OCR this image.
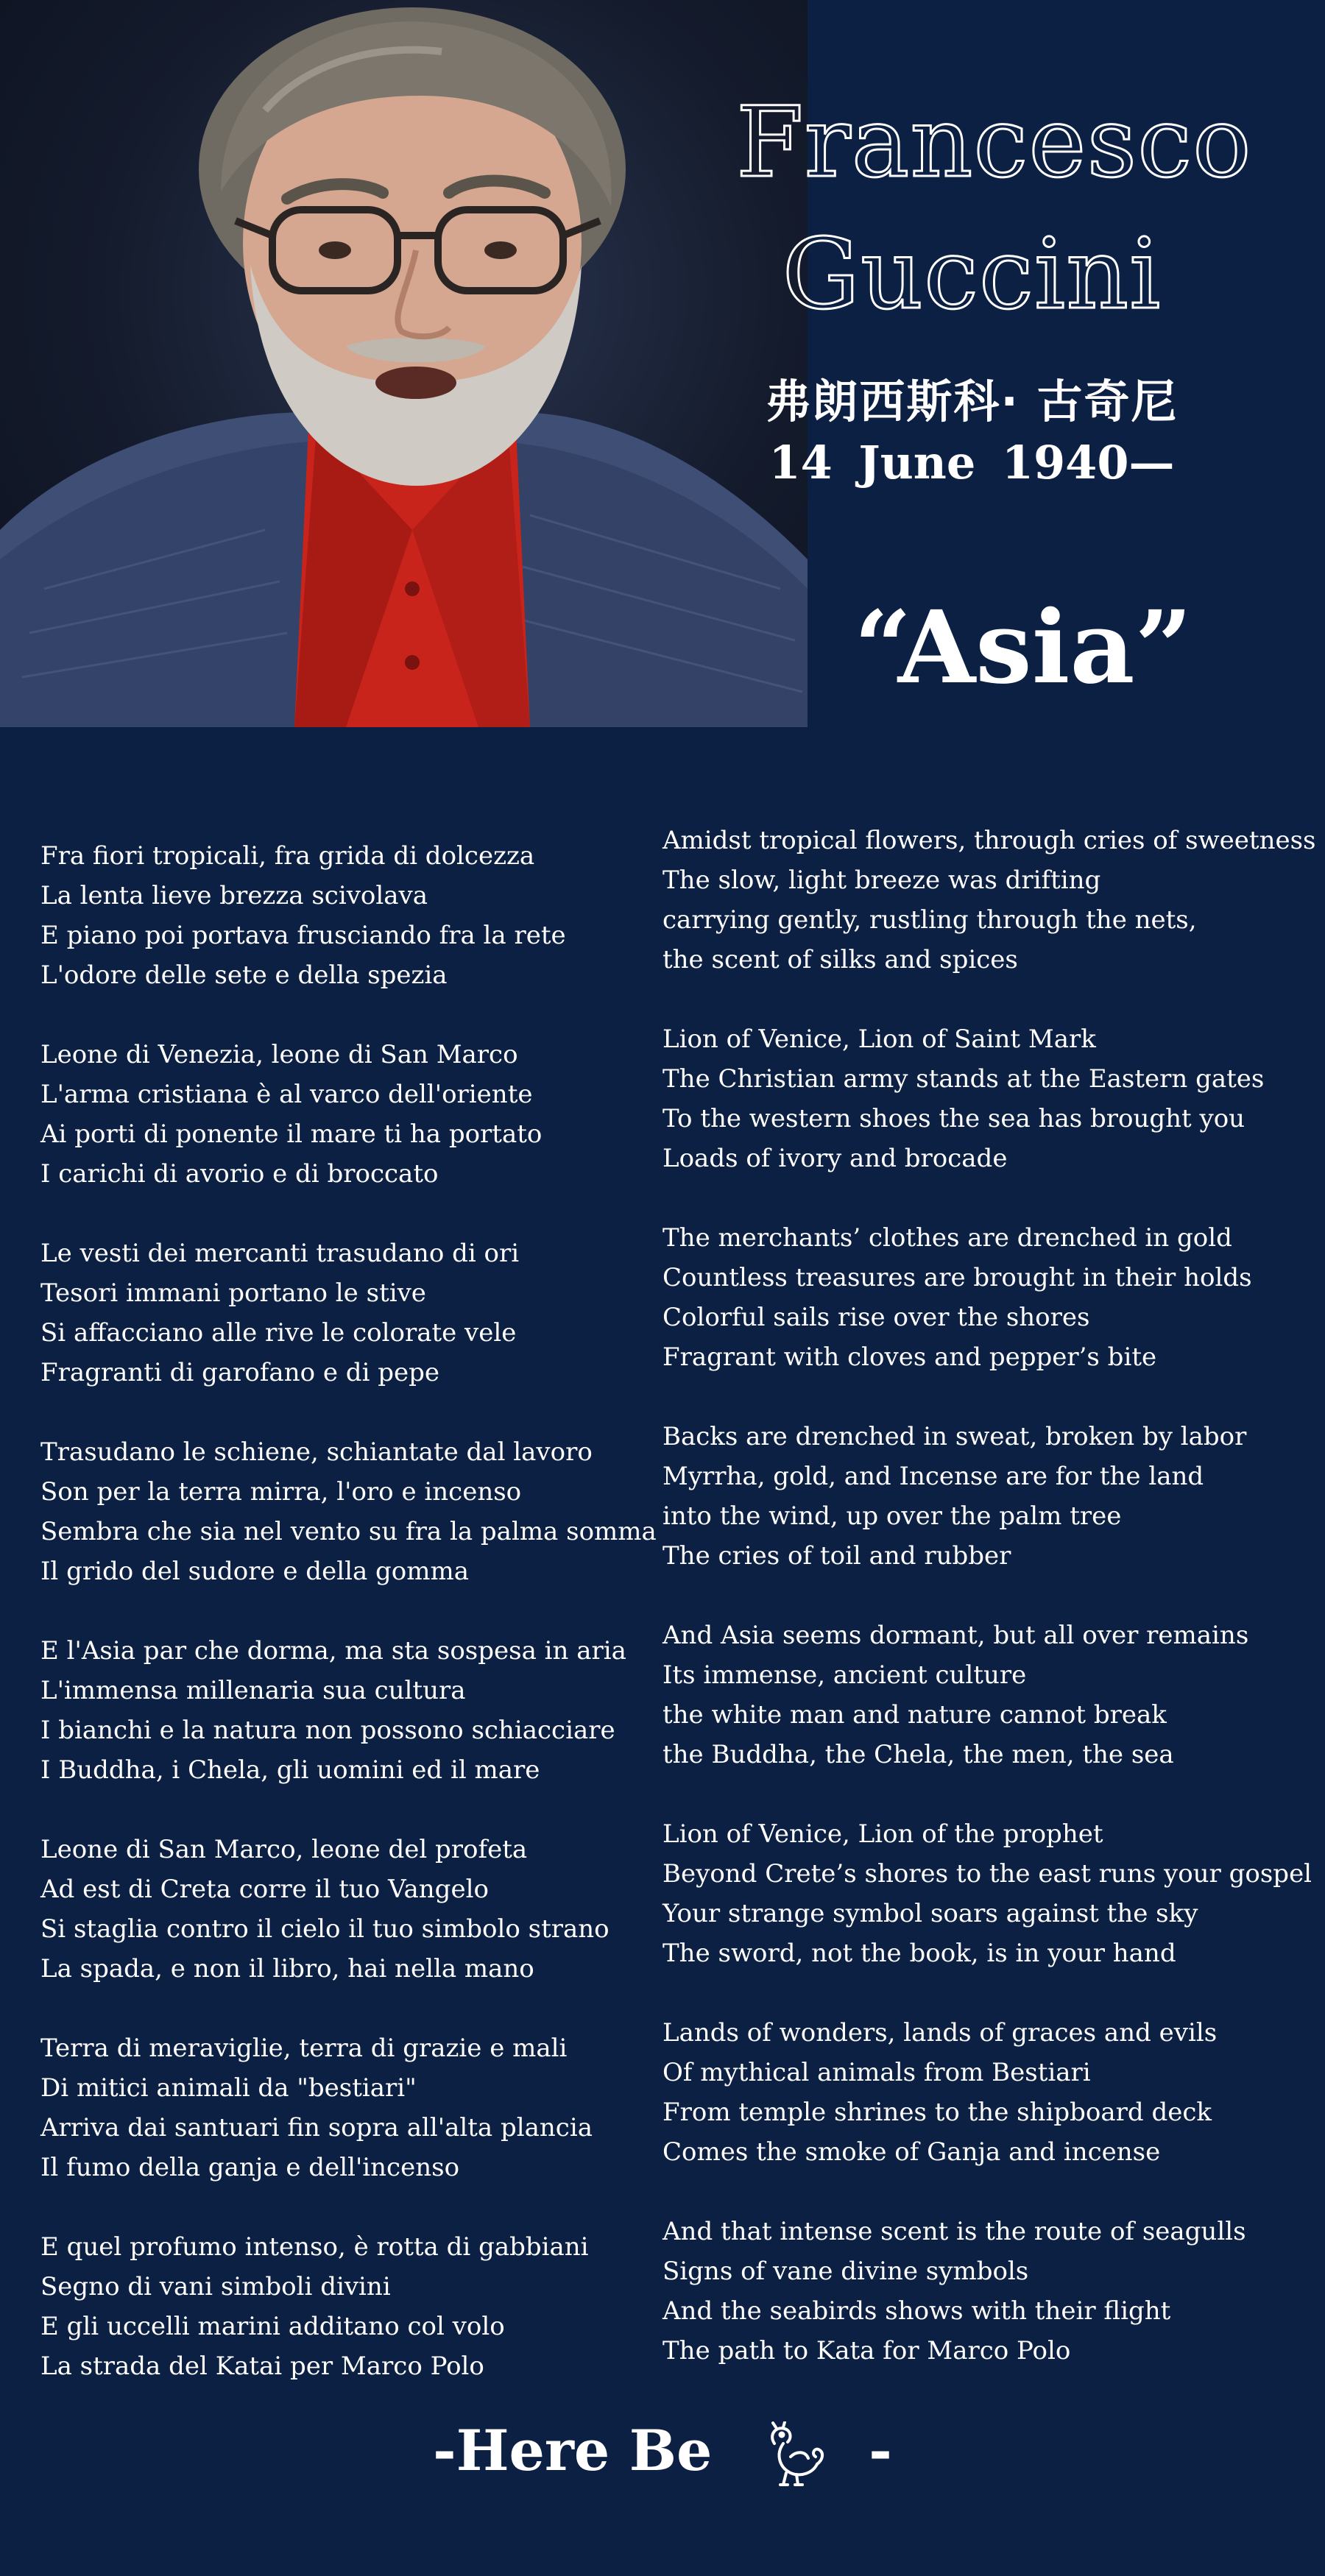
Francesco
Guccini
弗朗西斯科· 古奇尼
14 June 1940—
“Asia”
Fra fiori tropicali, fra grida di dolcezza
La lenta lieve brezza scivolava
E piano poi portava frusciando fra la rete
L'odore delle sete e della spezia
Leone di Venezia, leone di San Marco
L'arma cristiana è al varco dell'oriente
Ai porti di ponente il mare ti ha portato
I carichi di avorio e di broccato
Le vesti dei mercanti trasudano di ori
Tesori immani portano le stive
Si affacciano alle rive le colorate vele
Fragranti di garofano e di pepe
Trasudano le schiene, schiantate dal lavoro
Son per la terra mirra, l'oro e incenso
Sembra che sia nel vento su fra la palma somma
Il grido del sudore e della gomma
E l'Asia par che dorma, ma sta sospesa in aria
L'immensa millenaria sua cultura
I bianchi e la natura non possono schiacciare
I Buddha, i Chela, gli uomini ed il mare
Leone di San Marco, leone del profeta
Ad est di Creta corre il tuo Vangelo
Si staglia contro il cielo il tuo simbolo strano
La spada, e non il libro, hai nella mano
Terra di meraviglie, terra di grazie e mali
Di mitici animali da "bestiari"
Arriva dai santuari fin sopra all'alta plancia
Il fumo della ganja e dell'incenso
E quel profumo intenso, è rotta di gabbiani
Segno di vani simboli divini
E gli uccelli marini additano col volo
La strada del Katai per Marco Polo
Amidst tropical flowers, through cries of sweetness
The slow, light breeze was drifting
carrying gently, rustling through the nets,
the scent of silks and spices
Lion of Venice, Lion of Saint Mark
The Christian army stands at the Eastern gates
To the western shoes the sea has brought you
Loads of ivory and brocade
The merchants’ clothes are drenched in gold
Countless treasures are brought in their holds
Colorful sails rise over the shores
Fragrant with cloves and pepper’s bite
Backs are drenched in sweat, broken by labor
Myrrha, gold, and Incense are for the land
into the wind, up over the palm tree
The cries of toil and rubber
And Asia seems dormant, but all over remains
Its immense, ancient culture
the white man and nature cannot break
the Buddha, the Chela, the men, the sea
Lion of Venice, Lion of the prophet
Beyond Crete’s shores to the east runs your gospel
Your strange symbol soars against the sky
The sword, not the book, is in your hand
Lands of wonders, lands of graces and evils
Of mythical animals from Bestiari
From temple shrines to the shipboard deck
Comes the smoke of Ganja and incense
And that intense scent is the route of seagulls
Signs of vane divine symbols
And the seabirds shows with their flight
The path to Kata for Marco Polo
-Here Be	-
